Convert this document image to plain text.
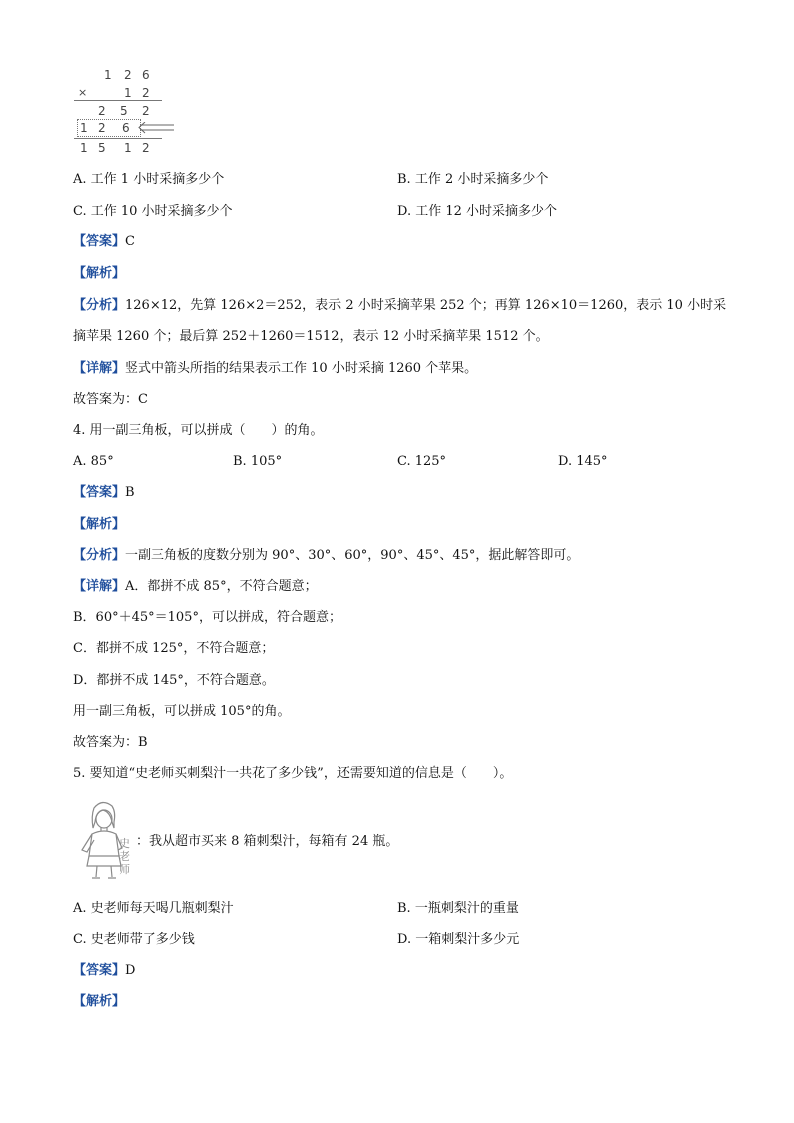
1 2 6
×	1 2
2 5 2
1 2 6
1 5 1 2
A. 工作 1 小时采摘多少个	B. 工作 2 小时采摘多少个
C. 工作 10 小时采摘多少个	D. 工作 12 小时采摘多少个
【答案】C
【解析】
【分析】126×12，先算 126×2＝252，表示 2 小时采摘苹果 252 个；再算 126×10＝1260，表示 10 小时采
摘苹果 1260 个；最后算 252＋1260＝1512，表示 12 小时采摘苹果 1512 个。
【详解】竖式中箭头所指的结果表示工作 10 小时采摘 1260 个苹果。
故答案为：C
4. 用一副三角板，可以拼成（　　）的角。
A. 85°	B. 105°	C. 125°	D. 145°
【答案】B
【解析】
【分析】一副三角板的度数分别为 90°、30°、60°，90°、45°、45°，据此解答即可。
【详解】A．都拼不成 85°，不符合题意；
B．60°＋45°＝105°，可以拼成，符合题意；
C．都拼不成 125°，不符合题意；
D．都拼不成 145°，不符合题意。
用一副三角板，可以拼成 105°的角。
故答案为：B
5. 要知道“史老师买刺梨汁一共花了多少钱”，还需要知道的信息是（　　）。
史
老
师
：我从超市买来 8 箱刺梨汁，每箱有 24 瓶。
A. 史老师每天喝几瓶刺梨汁	B. 一瓶刺梨汁的重量
C. 史老师带了多少钱	D. 一箱刺梨汁多少元
【答案】D
【解析】
